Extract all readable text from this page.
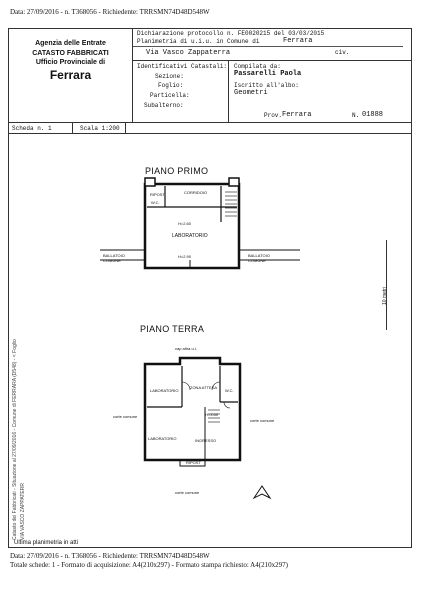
Data: 27/09/2016 - n. T368056 - Richiedente: TRRSMN74D48D548W
Agenzia delle Entrate
CATASTO FABBRICATI
Ufficio Provinciale di
Ferrara
Dichiarazione protocollo n. FE0020215 del 03/03/2015
Planimetria di u.i.u. in Comune di	Ferrara
Via Vasco Zappaterra	civ.
Identificativi Catastali:
Sezione:
Foglio:
Particella:
Subalterno:
Compilata da:
Passarelli Paola
Iscritto all'albo:
Geometri
Prov. Ferrara	N. 01888
Scheda n. 1	Scala 1:200
PIANO PRIMO
RIPOST	CORRIDOIO
W.C.
H=2.60
LABORATORIO
H=2.90
BALLATOIO COMUNE
BALLATOIO COMUNE
PIANO TERRA
cap altra u.i.
LABORATORIO
ZONA ATTESA
W.C.
H=3.60
LABORATORIO	INGRESSO
RIPOST
corte comune
corte comune
corte comune
10 metri
Catasto dei Fabbricati - Situazione al 27/09/2016 - Comune di FERRARA (D548) - < Foglio VIA VASCO ZAPPATERR
Ultima planimetria in atti
Data: 27/09/2016 - n. T368056 - Richiedente: TRRSMN74D48D548W
Totale schede: 1 - Formato di acquisizione: A4(210x297) - Formato stampa richiesto: A4(210x297)
